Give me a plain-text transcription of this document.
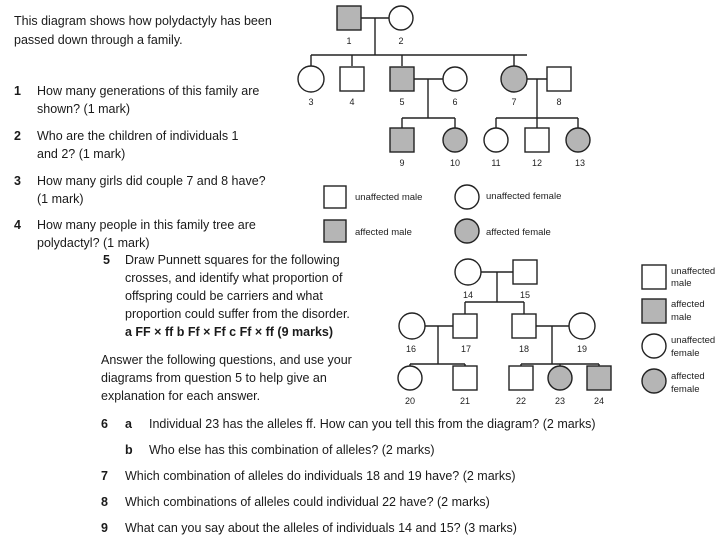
This diagram shows how polydactyly has been
passed down through a family.
1 How many generations of this family are
shown? (1 mark)
2 Who are the children of individuals 1
and 2? (1 mark)
3 How many girls did couple 7 and 8 have?
(1 mark)
4 How many people in this family tree are
polydactyl? (1 mark)
5 Draw Punnett squares for the following
crosses, and identify what proportion of
offspring could be carriers and what
proportion could suffer from the disorder.
a FF × ff b Ff × Ff c Ff × ff (9 marks)
Answer the following questions, and use your
diagrams from question 5 to help give an
explanation for each answer.
6 a Individual 23 has the alleles ff. How can you tell this from the diagram? (2 marks)
b Who else has this combination of alleles? (2 marks)
7 Which combination of alleles do individuals 18 and 19 have? (2 marks)
8 Which combinations of alleles could individual 22 have? (2 marks)
9 What can you say about the alleles of individuals 14 and 15? (3 marks)
1	2
3	4	5	6	7	8
9	10	11	12	13
unaffected male
affected male
unaffected female
affected female
14	15
16	17	18	19
20	21	22	23	24
unaffected
male
affected
male
unaffected
female
affected
female
